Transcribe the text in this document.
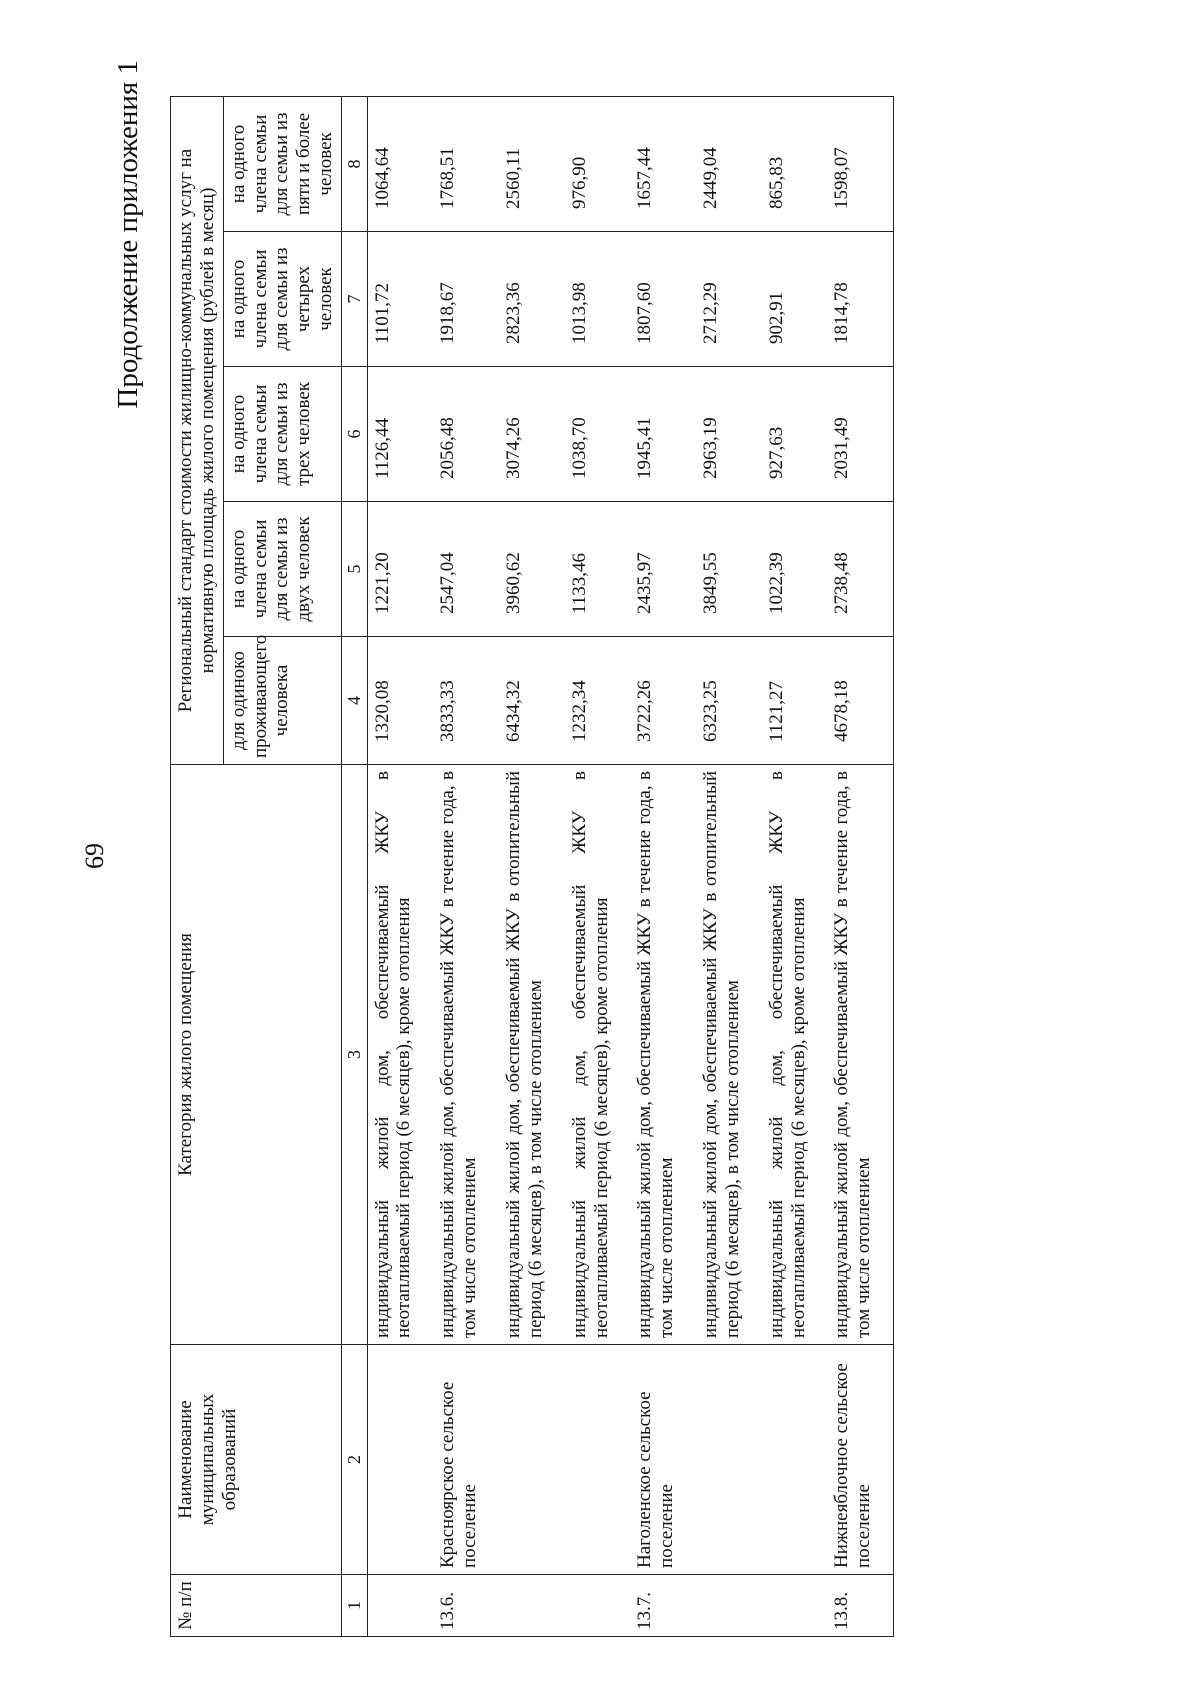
69
Продолжение приложения 1
№ п/п	Наименование муниципальных образований	Категория жилого помещения	Региональный стандарт стоимости жилищно-коммунальных услуг на нормативную площадь жилого помещения (рублей в месяц)				
			для одиноко проживающего человека	на одного члена семьи для семьи из двух человек	на одного члена семьи для семьи из трех человек	на одного члена семьи для семьи из четырех человек	на одного члена семьи для семьи из пяти и более человек
1	2	3	4	5	6	7	8
		индивидуальный жилой дом, обеспечиваемый ЖКУ в неотапливаемый период (6 месяцев), кроме отопления	1320,08	1221,20	1126,44	1101,72	1064,64
13.6.	Красноярское сельское поселение	индивидуальный жилой дом, обеспечиваемый ЖКУ в течение года, в том числе отоплением	3833,33	2547,04	2056,48	1918,67	1768,51
		индивидуальный жилой дом, обеспечиваемый ЖКУ в отопительный период (6 месяцев), в том числе отоплением	6434,32	3960,62	3074,26	2823,36	2560,11
		индивидуальный жилой дом, обеспечиваемый ЖКУ в неотапливаемый период (6 месяцев), кроме отопления	1232,34	1133,46	1038,70	1013,98	976,90
13.7.	Наголенское сельское поселение	индивидуальный жилой дом, обеспечиваемый ЖКУ в течение года, в том числе отоплением	3722,26	2435,97	1945,41	1807,60	1657,44
		индивидуальный жилой дом, обеспечиваемый ЖКУ в отопительный период (6 месяцев), в том числе отоплением	6323,25	3849,55	2963,19	2712,29	2449,04
		индивидуальный жилой дом, обеспечиваемый ЖКУ в неотапливаемый период (6 месяцев), кроме отопления	1121,27	1022,39	927,63	902,91	865,83
13.8.	Нижнеяблочное сельское поселение	индивидуальный жилой дом, обеспечиваемый ЖКУ в течение года, в том числе отоплением	4678,18	2738,48	2031,49	1814,78	1598,07
